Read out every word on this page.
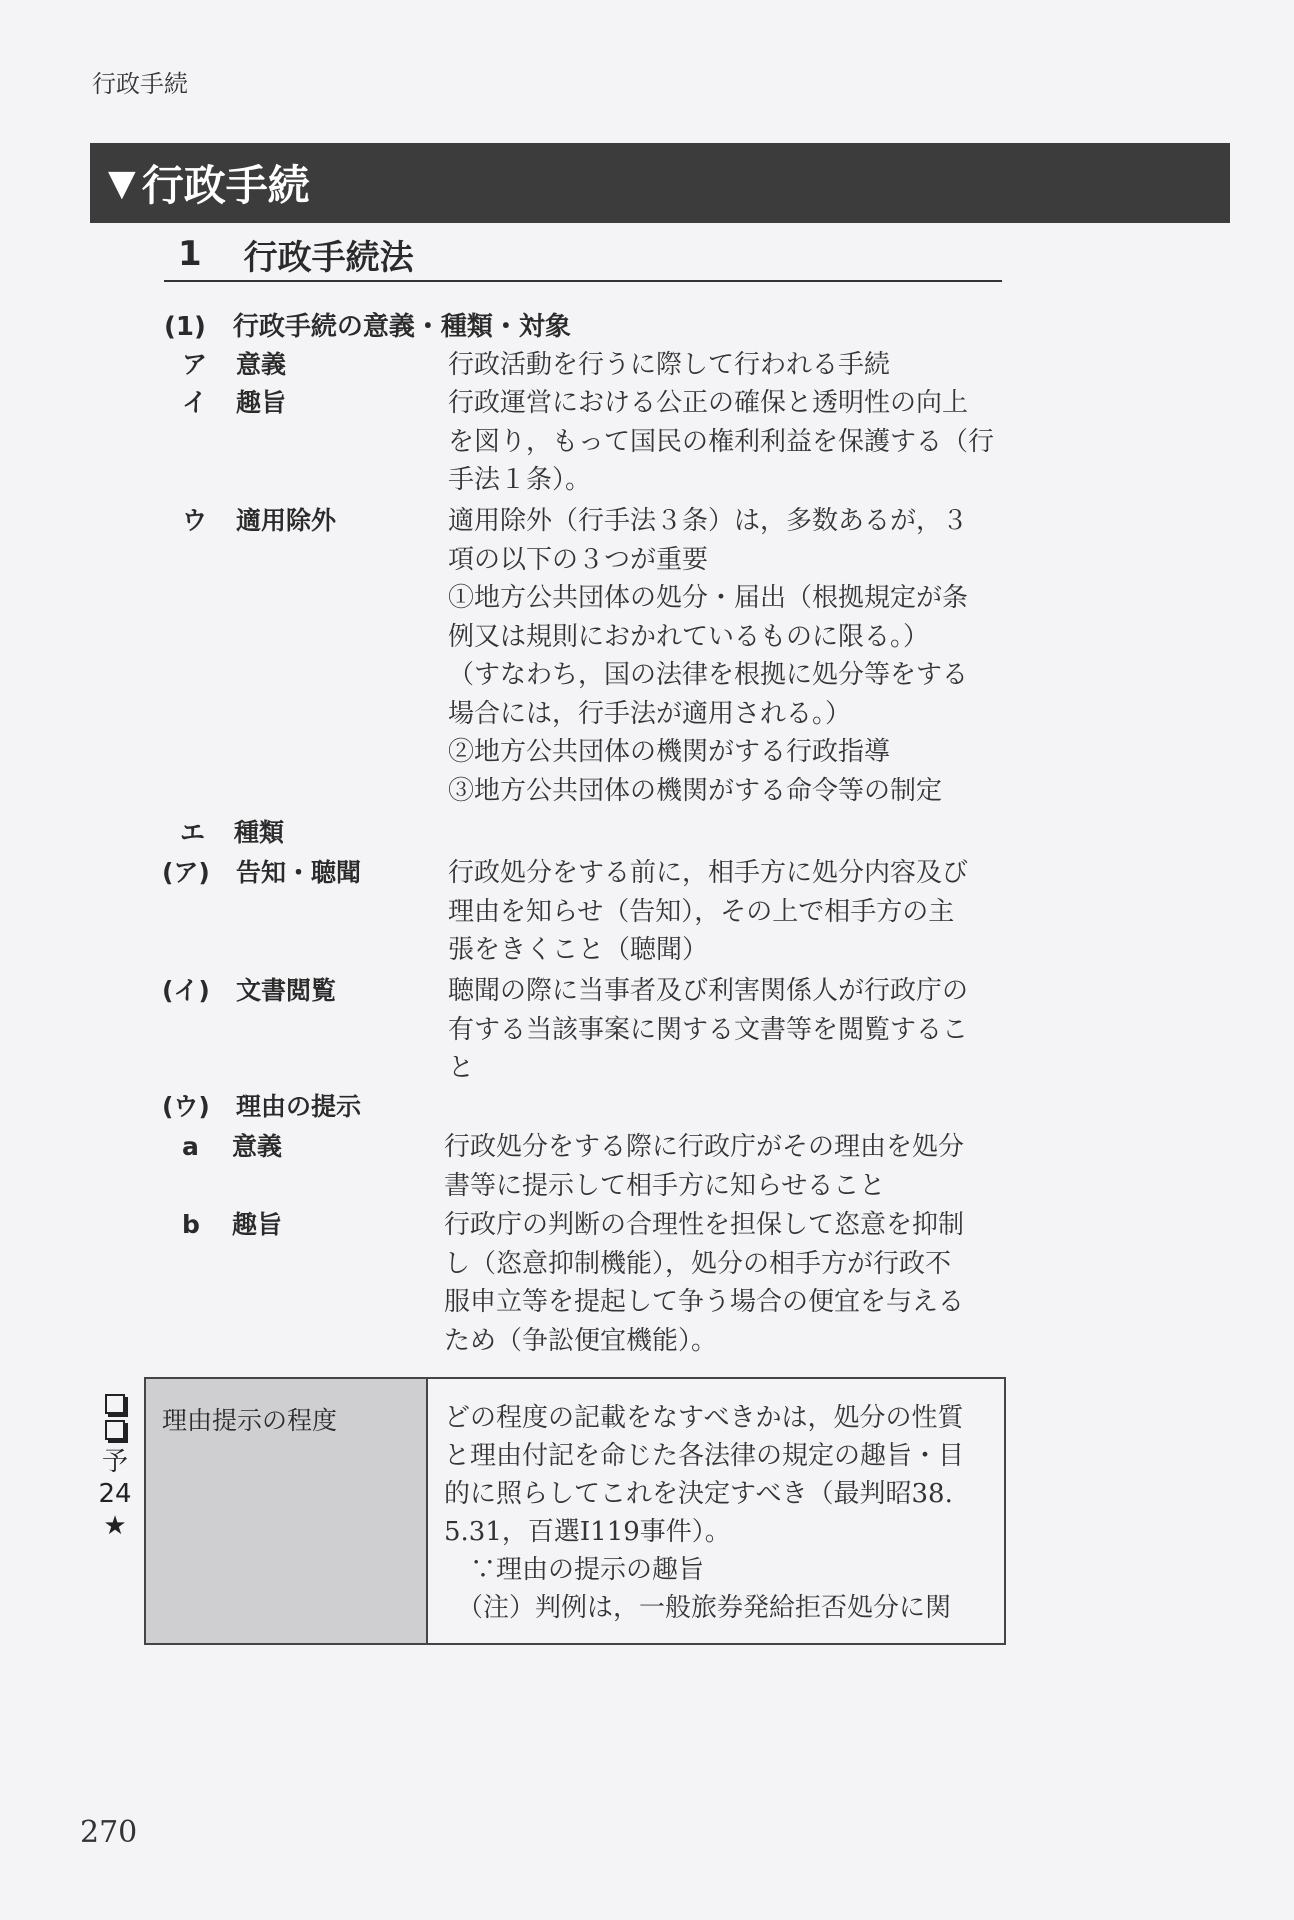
行政手続
▼ 行政手続
1 行政手続法
(1) 行政手続の意義・種類・対象
ア 意義	行政活動を行うに際して行われる手続

イ 趣旨	行政運営における公正の確保と透明性の向上

を図り，もって国民の権利利益を保護する（行

手法１条）。

ウ 適用除外	適用除外（行手法３条）は，多数あるが，３

項の以下の３つが重要

①地方公共団体の処分・届出（根拠規定が条

例又は規則におかれているものに限る。）

（すなわち，国の法律を根拠に処分等をする

場合には，行手法が適用される。）

②地方公共団体の機関がする行政指導

③地方公共団体の機関がする命令等の制定

エ 種類
(ア) 告知・聴聞	行政処分をする前に，相手方に処分内容及び

理由を知らせ（告知），その上で相手方の主

張をきくこと（聴聞）

(イ) 文書閲覧	聴聞の際に当事者及び利害関係人が行政庁の

有する当該事案に関する文書等を閲覧するこ

と

(ウ) 理由の提示
a 意義	行政処分をする際に行政庁がその理由を処分

書等に提示して相手方に知らせること

b 趣旨	行政庁の判断の合理性を担保して恣意を抑制

し（恣意抑制機能），処分の相手方が行政不

服申立等を提起して争う場合の便宜を与える

ため（争訟便宜機能）。

予
24
★
理由提示の程度	どの程度の記載をなすべきかは，処分の性質

と理由付記を命じた各法律の規定の趣旨・目

的に照らしてこれを決定すべき（最判昭38.

5.31，百選Ⅰ119事件）。

　∵理由の提示の趣旨

　（注）判例は，一般旅券発給拒否処分に関

270
